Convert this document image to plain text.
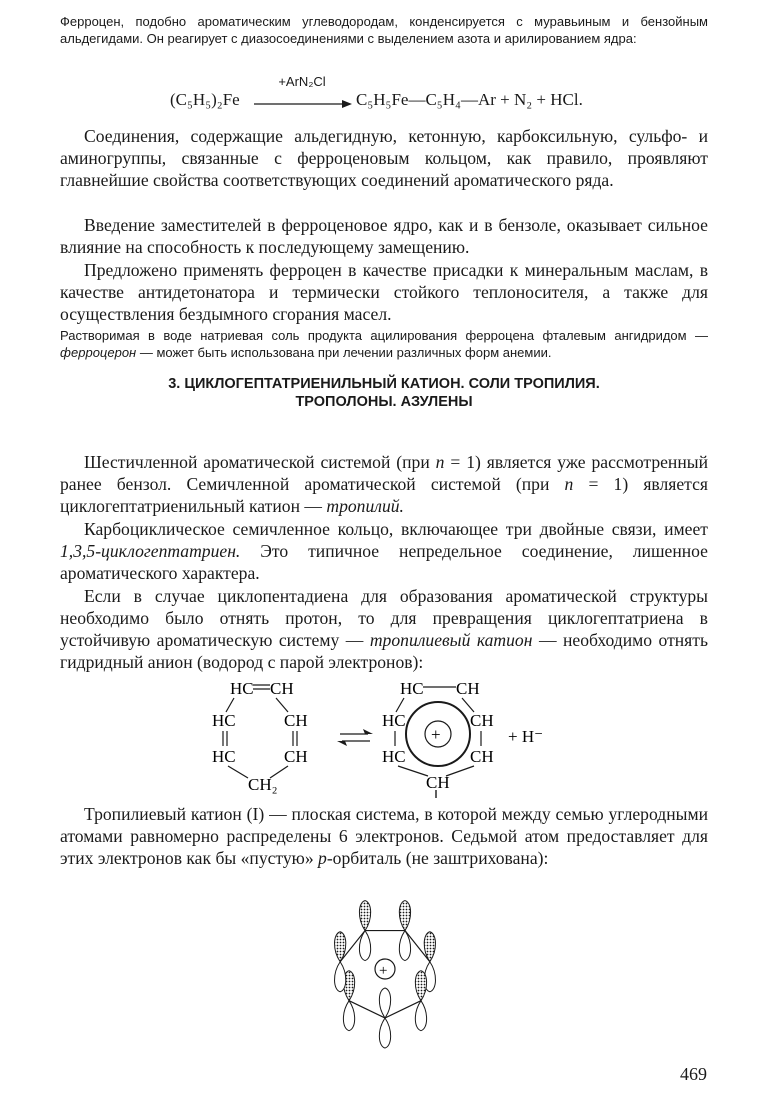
Ферроцен, подобно ароматическим углеводородам, конденсируется с муравьиным и бензойным альдегидами. Он реагирует с диазосоединениями с выделением азота и арилированием ядра:

(C₅H₅)₂Fe
+ArN₂Cl
C₅H₅Fe—C₅H₄—Ar + N₂ + HCl.

Соединения, содержащие альдегидную, кетонную, карбоксильную, сульфо- и аминогруппы, связанные с ферроценовым кольцом, как правило, проявляют главнейшие свойства соответствующих соединений ароматического ряда.

Введение заместителей в ферроценовое ядро, как и в бензоле, оказывает сильное влияние на способность к последующему замещению.

Предложено применять ферроцен в качестве присадки к минеральным маслам, в качестве антидетонатора и термически стойкого теплоносителя, а также для осуществления бездымного сгорания масел.

Растворимая в воде натриевая соль продукта ацилирования ферроцена фталевым ангидридом — ферроцерон — может быть использована при лечении различных форм анемии.

3. ЦИКЛОГЕПТАТРИЕНИЛЬНЫЙ КАТИОН. СОЛИ ТРОПИЛИЯ.
ТРОПОЛОНЫ. АЗУЛЕНЫ

Шестичленной ароматической системой (при n = 1) является уже рассмотренный ранее бензол. Семичленной ароматической системой (при n = 1) является циклогептатриенильный катион — тропилий.

Карбоциклическое семичленное кольцо, включающее три двойные связи, имеет 1,3,5-циклогептатриен. Это типичное непредельное соединение, лишенное ароматического характера.

Если в случае циклопентадиена для образования ароматической структуры необходимо было отнять протон, то для превращения циклогептатриена в устойчивую ароматическую систему — тропилиевый катион — необходимо отнять гидридный анион (водород с парой электронов):

HC CH
HC	CH
HC	CH
CH₂
HC CH
HC	CH
HC	CH
CH
+	+ H⁻

Тропилиевый катион (I) — плоская система, в которой между семью углеродными атомами равномерно распределены 6 электронов. Седьмой атом предоставляет для этих электронов как бы «пустую» p-орбиталь (не заштрихована):

+
469
